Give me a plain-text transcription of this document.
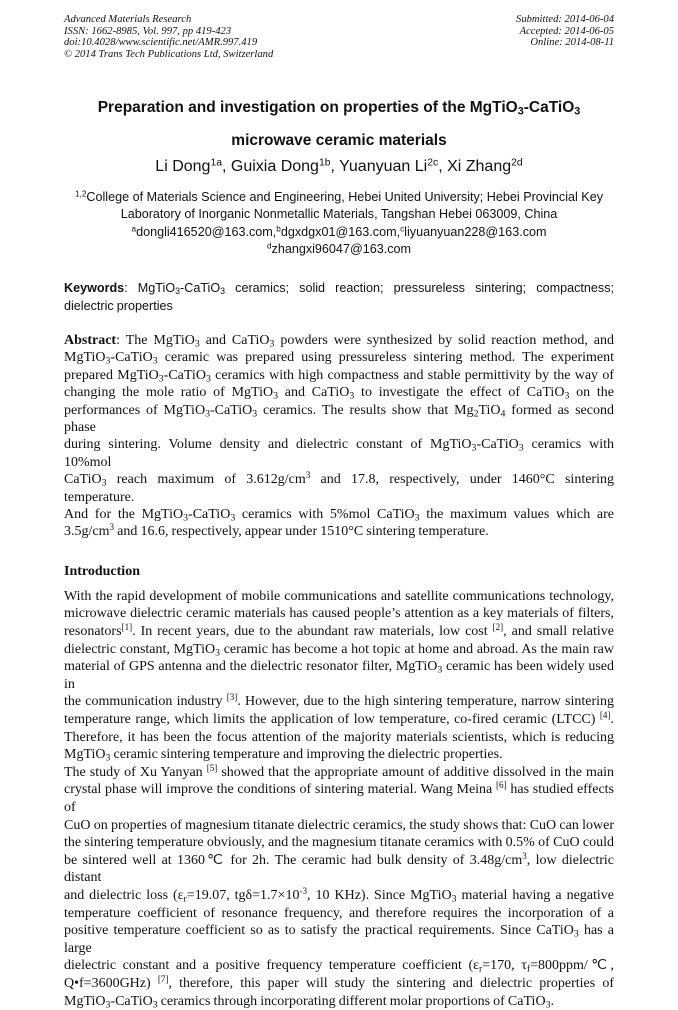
Advanced Materials Research
ISSN: 1662-8985, Vol. 997, pp 419-423
doi:10.4028/www.scientific.net/AMR.997.419
© 2014 Trans Tech Publications Ltd, Switzerland
Submitted: 2014-06-04
Accepted: 2014-06-05
Online: 2014-08-11
Preparation and investigation on properties of the MgTiO$_3$-CaTiO$_3$
microwave ceramic materials
Li Dong$^{1a}$, Guixia Dong$^{1b}$, Yuanyuan $Li^{2c}$, Xi Zhang$^{2d}$
$^{1,2}$College of Materials Science and Engineering, Hebei United University; Hebei Provincial Key
Laboratory of Inorganic Nonmetallic Materials, Tangshan Hebei 063009, China
$^a$dongli416520@163.com,$^b$dgxdgx01@163.com,$^c$liyuanyuan228@163.com
$^d$zhangxi96047@163.com
Keywords: MgTiO$_3$-CaTiO$_3$ ceramics; solid reaction; pressureless sintering; compactness;
dielectric properties
Abstract: The MgTiO$_3$ and CaTiO$_3$ powders were synthesized by solid reaction method, and
MgTiO$_3$-CaTiO$_3$ ceramic was prepared using pressureless sintering method. The experiment
prepared MgTiO$_3$-CaTiO$_3$ ceramics with high compactness and stable permittivity by the way of
changing the mole ratio of MgTiO$_3$ and CaTiO$_3$ to investigate the effect of CaTiO$_3$ on the
performances of MgTiO$_3$-CaTiO$_3$ ceramics. The results show that $Mg_2TiO_4$ formed as second phase
during sintering. Volume density and dielectric constant of MgTiO$_3$-CaTiO$_3$ ceramics with 10%mol
CaTiO$_3$ reach maximum of $3.612g/cm^3$ and 17.8, respectively, under 1460°C sintering temperature.
And for the MgTiO$_3$-CaTiO$_3$ ceramics with 5%mol CaTiO$_3$ the maximum values which are
$3.5g/cm^3$ and 16.6, respectively, appear under 1510°C sintering temperature.
Introduction
With the rapid development of mobile communications and satellite communications technology,
microwave dielectric ceramic materials has caused people’s attention as a key materials of filters,
resonators[1]. In recent years, due to the abundant raw materials, low cost [2], and small relative
dielectric constant, MgTiO$_3$ ceramic has become a hot topic at home and abroad. As the main raw
material of GPS antenna and the dielectric resonator filter, MgTiO$_3$ ceramic has been widely used in
the communication industry [3]. However, due to the high sintering temperature, narrow sintering
temperature range, which limits the application of low temperature, co-fired ceramic (LTCC) [4].
Therefore, it has been the focus attention of the majority materials scientists, which is reducing
MgTiO$_3$ ceramic sintering temperature and improving the dielectric properties.
The study of Xu Yanyan [5] showed that the appropriate amount of additive dissolved in the main
crystal phase will improve the conditions of sintering material. Wang Meina [6] has studied effects of
CuO on properties of magnesium titanate dielectric ceramics, the study shows that: CuO can lower
the sintering temperature obviously, and the magnesium titanate ceramics with 0.5% of CuO could
be sintered well at 1360℃ for 2h. The ceramic had bulk density of $3.48g/cm^3$, low dielectric distant
and dielectric loss ($\varepsilon_r=19.07$, $tg\delta=1.7\times 10^{-3}$, 10 KHz). Since MgTiO$_3$ material having a negative
temperature coefficient of resonance frequency, and therefore requires the incorporation of a
positive temperature coefficient so as to satisfy the practical requirements. Since CaTiO$_3$ has a large
dielectric constant and a positive frequency temperature coefficient ($\varepsilon_r=170$, $\tau_f=800ppm/℃$,
Q•f=3600GHz) [7], therefore, this paper will study the sintering and dielectric properties of
MgTiO$_3$-CaTiO$_3$ ceramics through incorporating different molar proportions of CaTiO$_3$.
